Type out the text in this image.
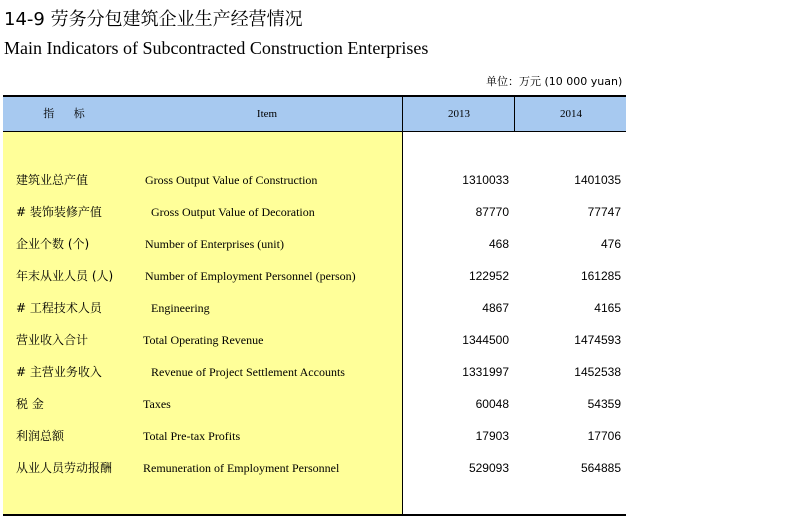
14-9 劳务分包建筑企业生产经营情况
Main Indicators of Subcontracted Construction Enterprises
单位：万元 (10 000 yuan)
指 标	Item	2013	2014
建筑业总产值	Gross Output Value of Construction	1310033	1401035
# 装饰装修产值	Gross Output Value of Decoration	87770	77747
企业个数 (个)	Number of Enterprises (unit)	468	476
年末从业人员 (人)	Number of Employment Personnel (person)	122952	161285
# 工程技术人员	Engineering	4867	4165
营业收入合计	Total Operating Revenue	1344500	1474593
# 主营业务收入	Revenue of Project Settlement Accounts	1331997	1452538
税 金	Taxes	60048	54359
利润总额	Total Pre-tax Profits	17903	17706
从业人员劳动报酬	Remuneration of Employment Personnel	529093	564885
